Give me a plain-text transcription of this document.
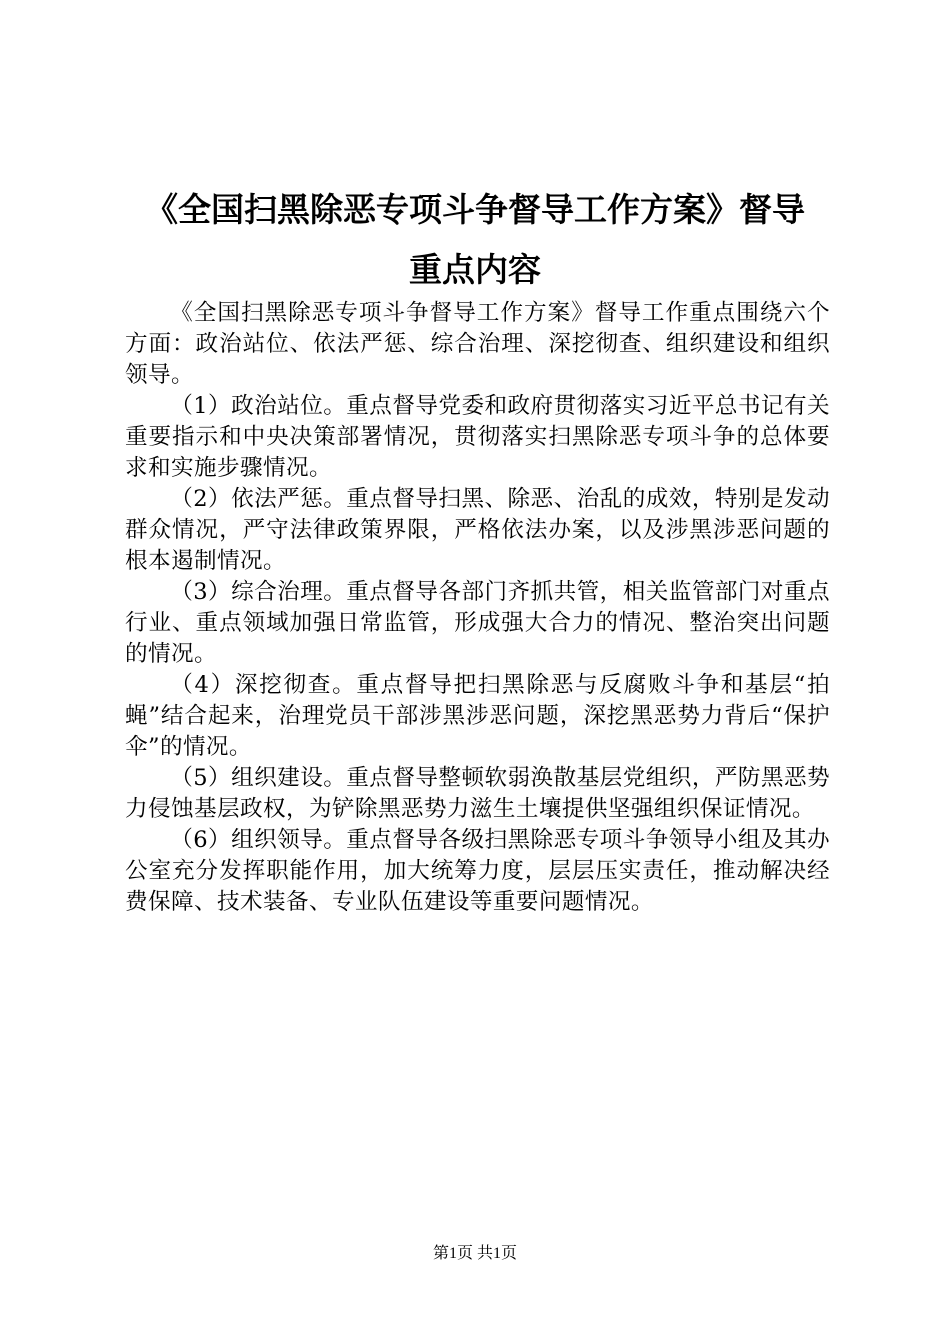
《全国扫黑除恶专项斗争督导工作方案》督导
重点内容

《全国扫黑除恶专项斗争督导工作方案》督导工作重点围绕六个方面：政治站位、依法严惩、综合治理、深挖彻查、组织建设和组织领导。

（1）政治站位。重点督导党委和政府贯彻落实习近平总书记有关重要指示和中央决策部署情况，贯彻落实扫黑除恶专项斗争的总体要求和实施步骤情况。

（2）依法严惩。重点督导扫黑、除恶、治乱的成效，特别是发动群众情况，严守法律政策界限，严格依法办案，以及涉黑涉恶问题的根本遏制情况。

（3）综合治理。重点督导各部门齐抓共管，相关监管部门对重点行业、重点领域加强日常监管，形成强大合力的情况、整治突出问题的情况。

（4）深挖彻查。重点督导把扫黑除恶与反腐败斗争和基层“拍蝇”结合起来，治理党员干部涉黑涉恶问题，深挖黑恶势力背后“保护伞”的情况。

（5）组织建设。重点督导整顿软弱涣散基层党组织，严防黑恶势力侵蚀基层政权，为铲除黑恶势力滋生土壤提供坚强组织保证情况。

（6）组织领导。重点督导各级扫黑除恶专项斗争领导小组及其办公室充分发挥职能作用，加大统筹力度，层层压实责任，推动解决经费保障、技术装备、专业队伍建设等重要问题情况。

第1页 共1页
